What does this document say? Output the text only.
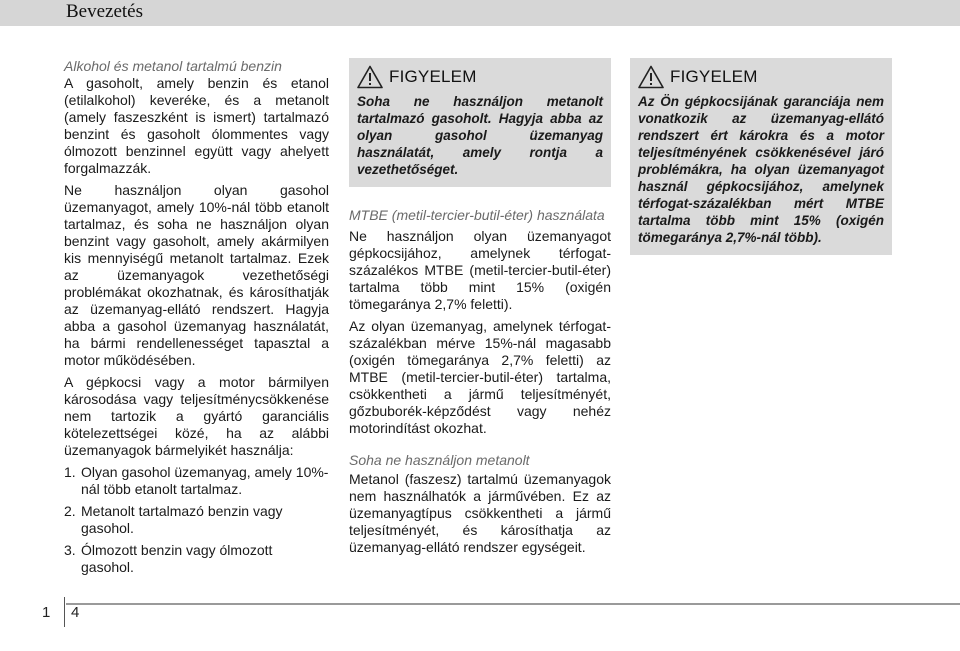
Bevezetés

Alkohol és metanol tartalmú benzin

A gasoholt, amely benzin és etanol (etilalkohol) keveréke, és a metanolt (amely faszeszként is ismert) tartalmazó benzint és gasoholt ólommentes vagy ólmozott benzinnel együtt vagy ahelyett forgalmazzák.

Ne használjon olyan gasohol üzemanyagot, amely 10%-nál több etanolt tartalmaz, és soha ne használjon olyan benzint vagy gasoholt, amely akármilyen kis mennyiségű metanolt tartalmaz. Ezek az üzemanyagok vezethetőségi problémákat okozhatnak, és károsíthatják az üzemanyag-ellátó rendszert. Hagyja abba a gasohol üzemanyag használatát, ha bármi rendellenességet tapasztal a motor működésében.

A gépkocsi vagy a motor bármilyen károsodása vagy teljesítménycsökkenése nem tartozik a gyártó garanciális kötelezettségei közé, ha az alábbi üzemanyagok bármelyikét használja:

1. Olyan gasohol üzemanyag, amely 10%-nál több etanolt tartalmaz.
2. Metanolt tartalmazó benzin vagy gasohol.
3. Ólmozott benzin vagy ólmozott gasohol.
FIGYELEM

Soha ne használjon metanolt tartalmazó gasoholt. Hagyja abba az olyan gasohol üzemanyag használatát, amely rontja a vezethetőséget.

MTBE (metil-tercier-butil-éter) használata

Ne használjon olyan üzemanyagot gépkocsijához, amelynek térfogat-százalékos MTBE (metil-tercier-butil-éter) tartalma több mint 15% (oxigén tömegaránya 2,7% feletti).

Az olyan üzemanyag, amelynek térfogat-százalékban mérve 15%-nál magasabb (oxigén tömegaránya 2,7% feletti) az MTBE (metil-tercier-butil-éter) tartalma, csökkentheti a jármű teljesítményét, gőzbuborék-képződést vagy nehéz motorindítást okozhat.

Soha ne használjon metanolt

Metanol (faszesz) tartalmú üzemanyagok nem használhatók a járművében. Ez az üzemanyagtípus csökkentheti a jármű teljesítményét, és károsíthatja az üzemanyag-ellátó rendszer egységeit.

FIGYELEM

Az Ön gépkocsijának garanciája nem vonatkozik az üzemanyag-ellátó rendszert ért károkra és a motor teljesítményének csökkenésével járó problémákra, ha olyan üzemanyagot használ gépkocsijához, amelynek térfogat-százalékban mért MTBE tartalma több mint 15% (oxigén tömegaránya 2,7%-nál több).

1 4
